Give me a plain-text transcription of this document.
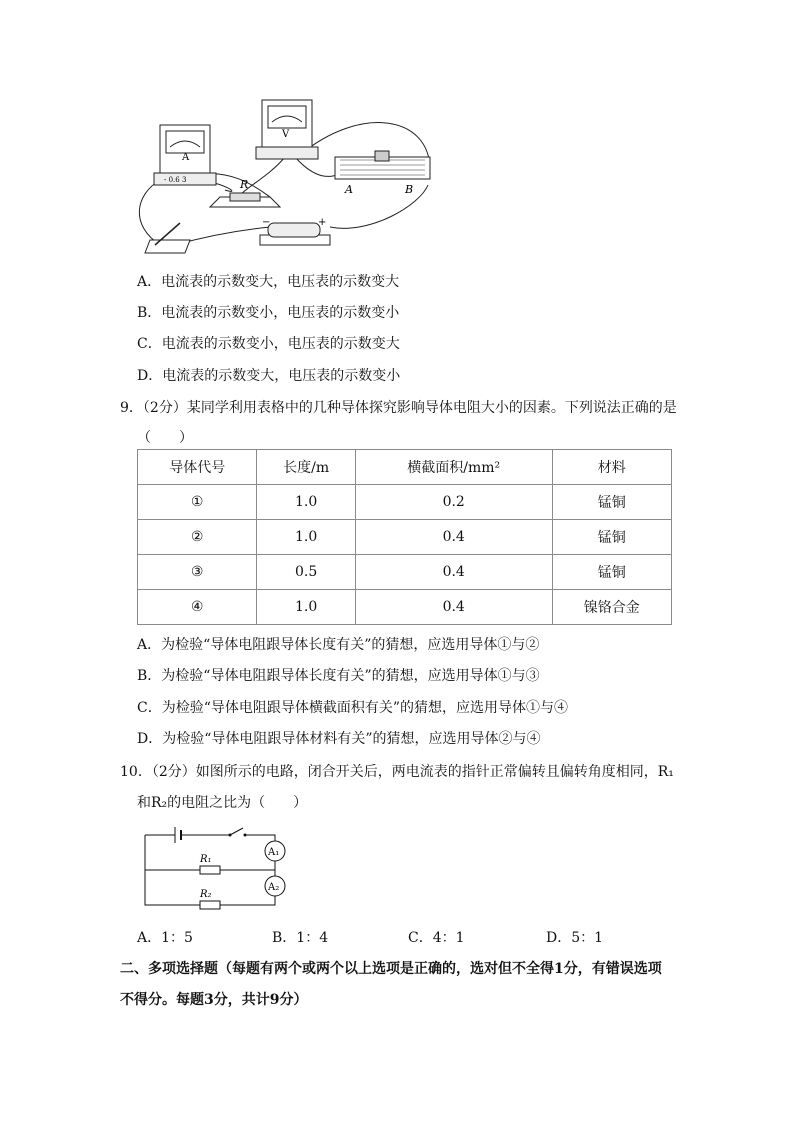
A
- 0.6 3
V
R	A	B
−	+
A．电流表的示数变大，电压表的示数变大
B．电流表的示数变小，电压表的示数变小
C．电流表的示数变小，电压表的示数变大
D．电流表的示数变大，电压表的示数变小
9．（2分）某同学利用表格中的几种导体探究影响导体电阻大小的因素。下列说法正确的是
（　　）
导体代号	长度/m	横截面积/mm²	材料
①	1.0	0.2	锰铜
②	1.0	0.4	锰铜
③	0.5	0.4	锰铜
④	1.0	0.4	镍铬合金
A．为检验“导体电阻跟导体长度有关”的猜想，应选用导体①与②
B．为检验“导体电阻跟导体长度有关”的猜想，应选用导体①与③
C．为检验“导体电阻跟导体横截面积有关”的猜想，应选用导体①与④
D．为检验“导体电阻跟导体材料有关”的猜想，应选用导体②与④
10．（2分）如图所示的电路，闭合开关后，两电流表的指针正常偏转且偏转角度相同，R₁
和R₂的电阻之比为（　　）
A₁
R₁
A₂
R₂
A．1：5	B．1：4	C．4：1	D．5：1
二、多项选择题（每题有两个或两个以上选项是正确的，选对但不全得1分，有错误选项
不得分。每题3分，共计9分）
